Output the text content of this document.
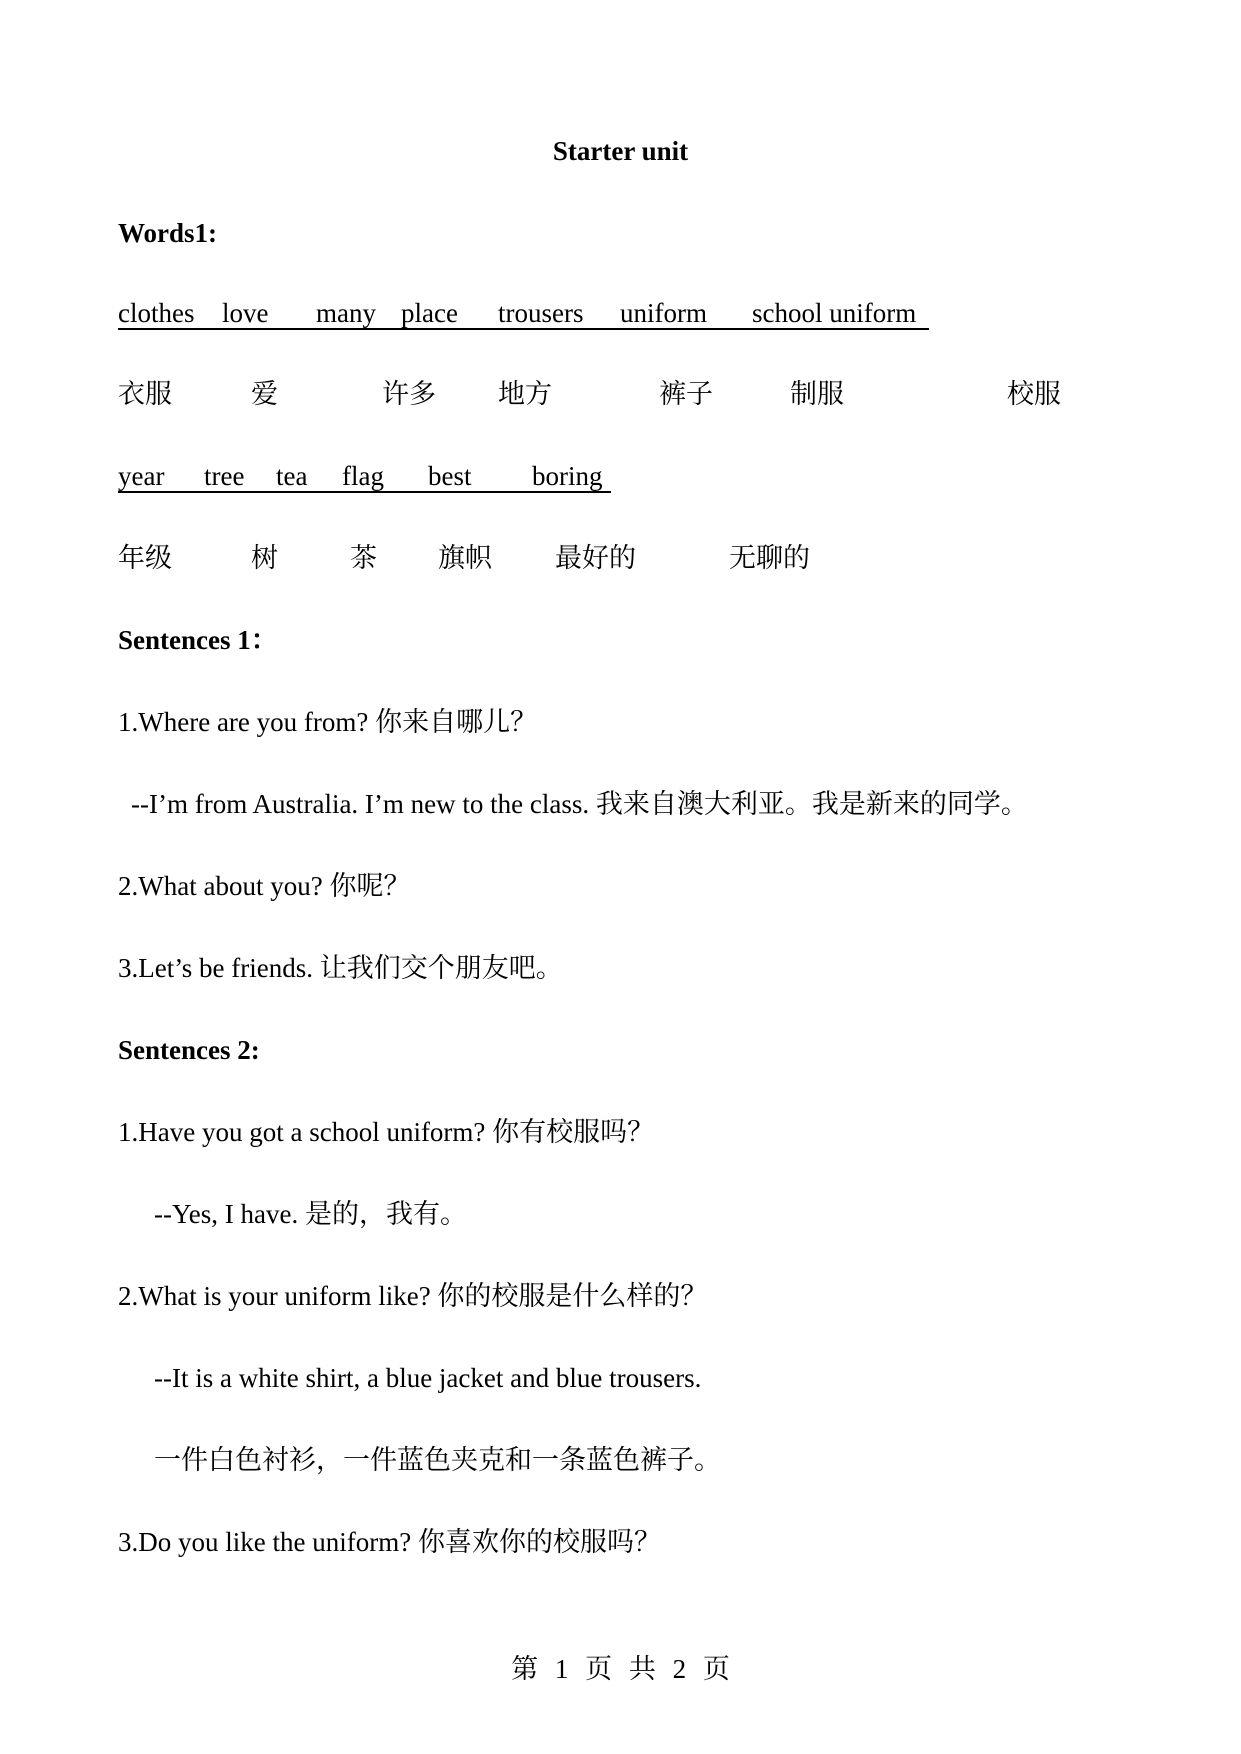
Starter unit
Words1:
clothes love many place trousers uniform school uniform
衣服	爱	许多 地方	裤子	制服	校服
year tree tea flag best boring
年级	树	茶 旗帜 最好的	无聊的
Sentences 1：
1.Where are you from? 你来自哪儿？
--I’m from Australia. I’m new to the class. 我来自澳大利亚。我是新来的同学。
2.What about you? 你呢？
3.Let’s be friends. 让我们交个朋友吧。
Sentences 2:
1.Have you got a school uniform? 你有校服吗？
--Yes, I have. 是的，我有。
2.What is your uniform like? 你的校服是什么样的？
--It is a white shirt, a blue jacket and blue trousers.
一件白色衬衫，一件蓝色夹克和一条蓝色裤子。
3.Do you like the uniform? 你喜欢你的校服吗？
第 1 页 共 2 页
